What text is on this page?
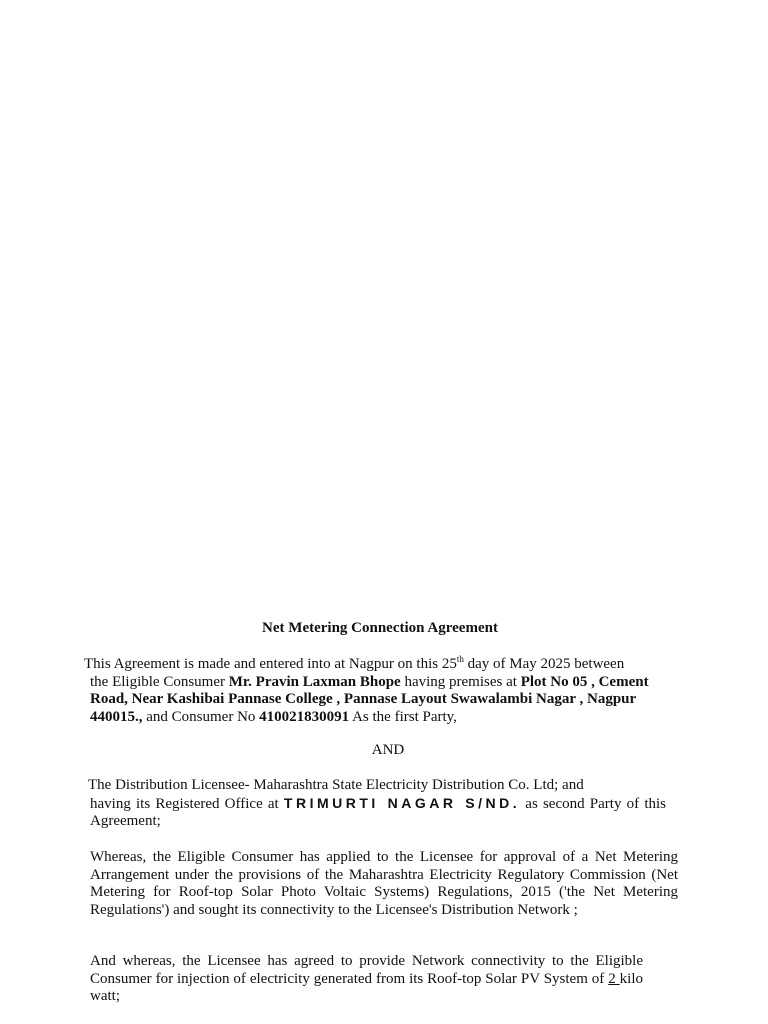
Net Metering Connection Agreement
This Agreement is made and entered into at Nagpur on this 25th day of May 2025 between
the Eligible Consumer Mr. Pravin Laxman Bhope having premises at Plot No 05 , Cement Road, Near Kashibai Pannase College , Pannase Layout Swawalambi Nagar , Nagpur 440015., and Consumer No 410021830091 As the first Party,
AND
The Distribution Licensee- Maharashtra State Electricity Distribution Co. Ltd; and
having its Registered Office at TRIMURTI NAGAR S/ND. as second Party of this Agreement;
Whereas, the Eligible Consumer has applied to the Licensee for approval of a Net Metering Arrangement under the provisions of the Maharashtra Electricity Regulatory Commission (Net Metering for Roof-top Solar Photo Voltaic Systems) Regulations, 2015 ('the Net Metering Regulations') and sought its connectivity to the Licensee's Distribution Network ;
And whereas, the Licensee has agreed to provide Network connectivity to the Eligible Consumer for injection of electricity generated from its Roof-top Solar PV System of 2 kilo watt;
